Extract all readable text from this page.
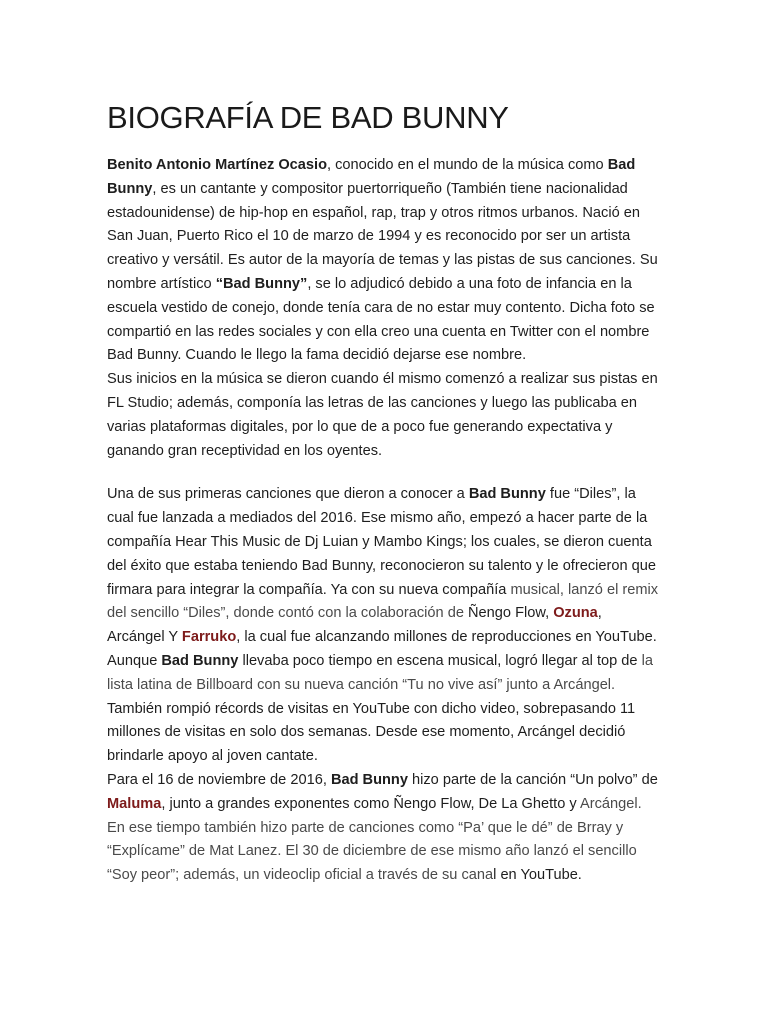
BIOGRAFÍA DE BAD BUNNY

Benito Antonio Martínez Ocasio, conocido en el mundo de la música como Bad Bunny, es un cantante y compositor puertorriqueño (También tiene nacionalidad estadounidense) de hip-hop en español, rap, trap y otros ritmos urbanos. Nació en San Juan, Puerto Rico el 10 de marzo de 1994 y es reconocido por ser un artista creativo y versátil. Es autor de la mayoría de temas y las pistas de sus canciones. Su nombre artístico “Bad Bunny”, se lo adjudicó debido a una foto de infancia en la escuela vestido de conejo, donde tenía cara de no estar muy contento. Dicha foto se compartió en las redes sociales y con ella creo una cuenta en Twitter con el nombre Bad Bunny. Cuando le llego la fama decidió dejarse ese nombre.

Sus inicios en la música se dieron cuando él mismo comenzó a realizar sus pistas en FL Studio; además, componía las letras de las canciones y luego las publicaba en varias plataformas digitales, por lo que de a poco fue generando expectativa y ganando gran receptividad en los oyentes.

Una de sus primeras canciones que dieron a conocer a Bad Bunny fue “Diles”, la cual fue lanzada a mediados del 2016. Ese mismo año, empezó a hacer parte de la compañía Hear This Music de Dj Luian y Mambo Kings; los cuales, se dieron cuenta del éxito que estaba teniendo Bad Bunny, reconocieron su talento y le ofrecieron que firmara para integrar la compañía. Ya con su nueva compañía musical, lanzó el remix del sencillo “Diles”, donde contó con la colaboración de Ñengo Flow, Ozuna, Arcángel Y Farruko, la cual fue alcanzando millones de reproducciones en YouTube.

Aunque Bad Bunny llevaba poco tiempo en escena musical, logró llegar al top de la lista latina de Billboard con su nueva canción “Tu no vive así” junto a Arcángel. También rompió récords de visitas en YouTube con dicho video, sobrepasando 11 millones de visitas en solo dos semanas. Desde ese momento, Arcángel decidió brindarle apoyo al joven cantate.

Para el 16 de noviembre de 2016, Bad Bunny hizo parte de la canción “Un polvo” de Maluma, junto a grandes exponentes como Ñengo Flow, De La Ghetto y Arcángel. En ese tiempo también hizo parte de canciones como “Pa’ que le dé” de Brray y “Explícame” de Mat Lanez. El 30 de diciembre de ese mismo año lanzó el sencillo “Soy peor”; además, un videoclip oficial a través de su canal en YouTube.
